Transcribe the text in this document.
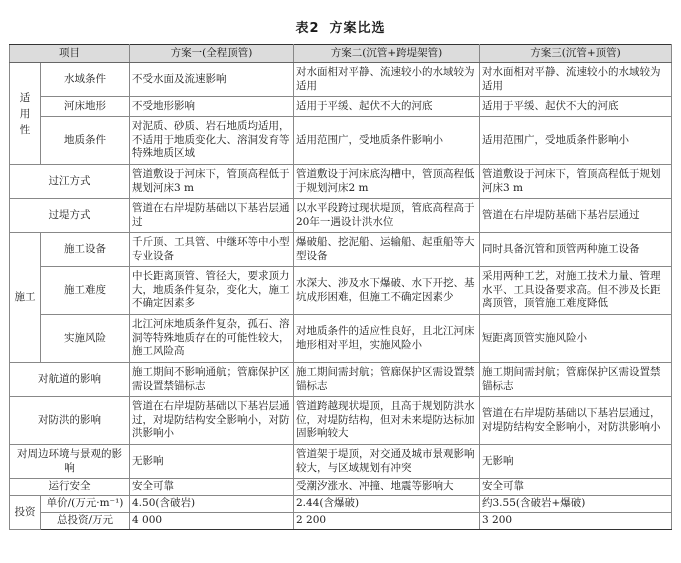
表2 方案比选
项目		方案一(全程顶管)	方案二(沉管+跨堤架管)	方案三(沉管+顶管)

适
用
性	水域条件	不受水面及流速影响	对水面相对平静、流速较小的水域较为适用	对水面相对平静、流速较小的水域较为适用
	河床地形	不受地形影响	适用于平缓、起伏不大的河底	适用于平缓、起伏不大的河底
	地质条件	对泥质、砂质、岩石地质均适用，不适用于地质变化大、溶洞发育等特殊地质区域	适用范围广，受地质条件影响小	适用范围广，受地质条件影响小
过江方式		管道敷设于河床下，管顶高程低于规划河床3 m	管道敷设于河床底沟槽中，管顶高程低于规划河床2 m	管道敷设于河床下，管顶高程低于规划河床3 m
过堤方式		管道在右岸堤防基础以下基岩层通过	以水平段跨过现状堤顶，管底高程高于20年一遇设计洪水位	管道在右岸堤防基础下基岩层通过
施工	施工设备	千斤顶、工具管、中继环等中小型专业设备	爆破船、挖泥船、运输船、起重船等大型设备	同时具备沉管和顶管两种施工设备
	施工难度	中长距离顶管、管径大，要求顶力大，地质条件复杂，变化大，施工不确定因素多	水深大、涉及水下爆破、水下开挖、基坑成形困难，但施工不确定因素少	采用两种工艺，对施工技术力量、管理水平、工具设备要求高。但不涉及长距离顶管，顶管施工难度降低
	实施风险	北江河床地质条件复杂，孤石、溶洞等特殊地质存在的可能性较大，施工风险高	对地质条件的适应性良好，且北江河床地形相对平坦，实施风险小	短距离顶管实施风险小
对航道的影响		施工期间不影响通航；管廊保护区需设置禁锚标志	施工期间需封航；管廊保护区需设置禁锚标志	施工期间需封航；管廊保护区需设置禁锚标志
对防洪的影响		管道在右岸堤防基础以下基岩层通过，对堤防结构安全影响小，对防洪影响小	管道跨越现状堤顶，且高于规划防洪水位，对堤防结构，但对未来堤防达标加固影响较大	管道在右岸堤防基础以下基岩层通过，对堤防结构安全影响小，对防洪影响小
对周边环境与景观的影响		无影响	管道架于堤顶，对交通及城市景观影响较大，与区域规划有冲突	无影响
运行安全		安全可靠	受潮汐涨水、冲撞、地震等影响大	安全可靠
投资	单价/(万元·m⁻¹)	4.50(含破岩)	2.44(含爆破)	约3.55(含破岩+爆破)
	总投资/万元	4 000	2 200	3 200
